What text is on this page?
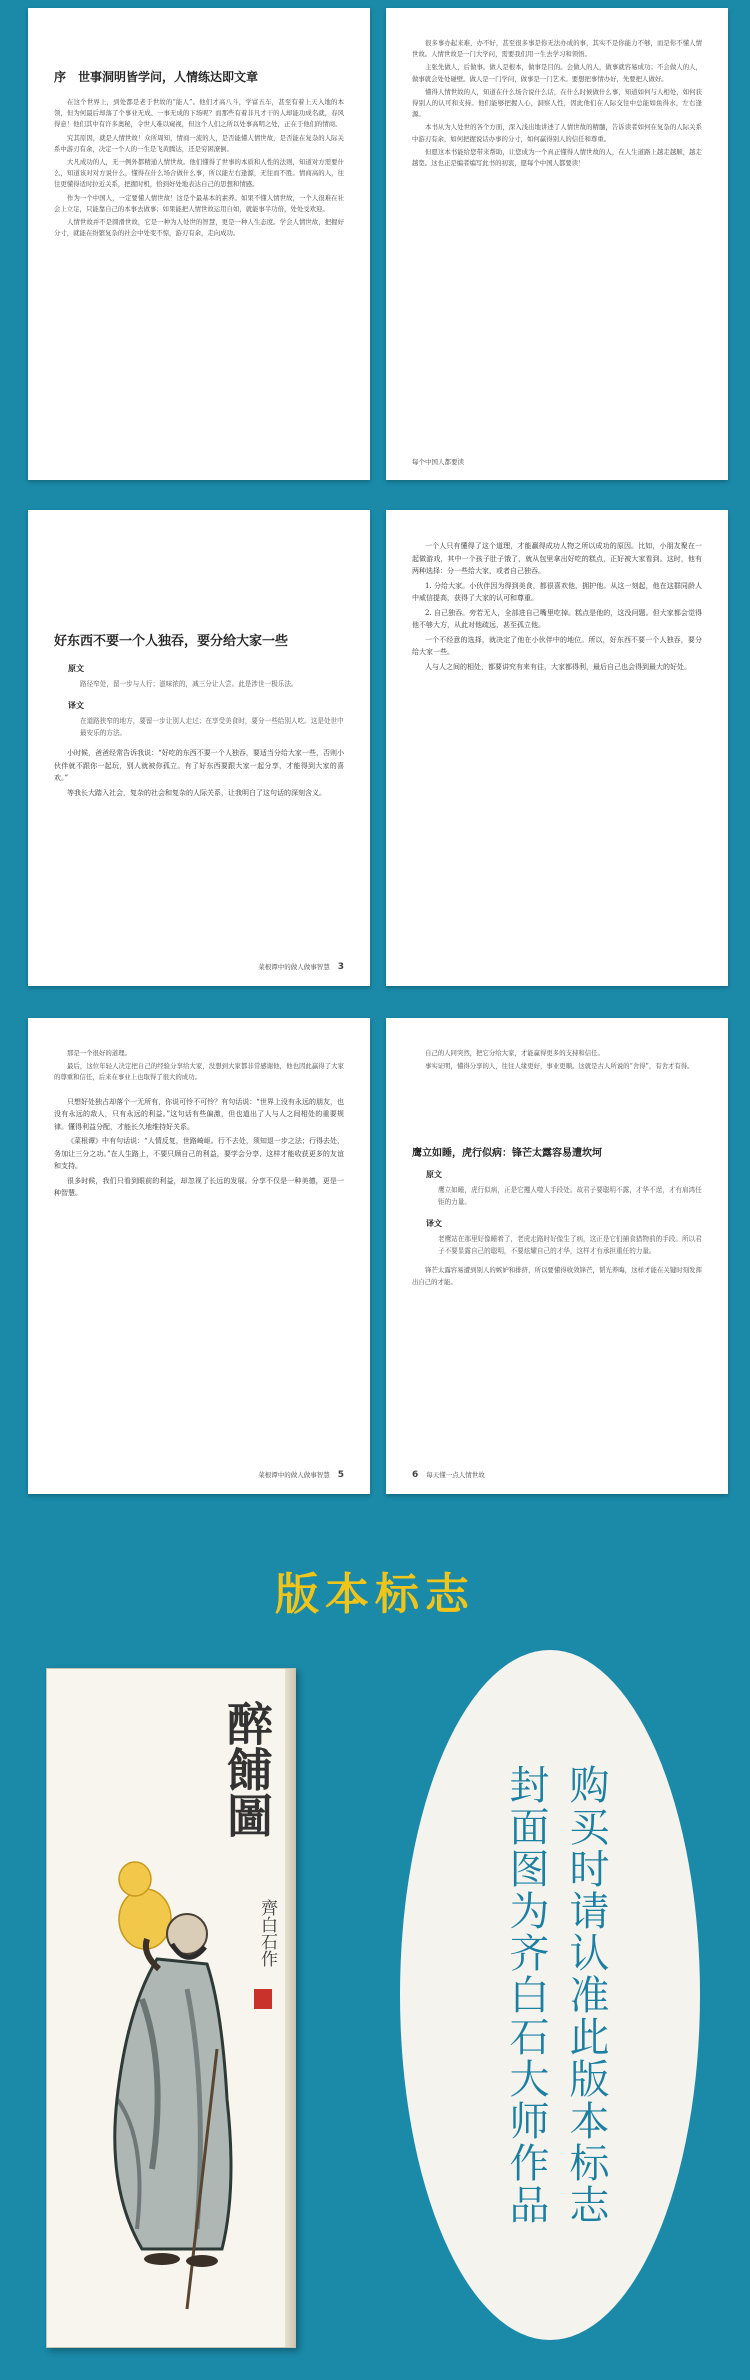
序　世事洞明皆学问，人情练达即文章

在这个世界上，到处都是老于世故的“能人”。他们才高八斗，学富五车，甚至有着上天入地的本领，但为何最后却落了个事业无成、一事无成的下场呢？而那些有着非凡才干的人却能功成名就，春风得意！他们其中有许多奥秘，令世人难以窥视，但这个人们之所以处事高明之处，正在于他们的情商。

究其原因，就是人情世故！众所周知，情商一流的人，是否能懂人情世故，是否能在复杂的人际关系中游刃有余，决定一个人的一生是飞黄腾达，还是穷困潦倒。

大凡成功的人，无一例外都精通人情世故。他们懂得了世事的本质和人性的法则，知道对方需要什么，知道该对对方说什么，懂得在什么场合做什么事，所以能左右逢源，无往而不胜。情商高的人，往往更懂得适时拉近关系，把握时机，恰到好处地表达自己的思想和情感。

作为一个中国人，一定要懂人情世故！这是个最基本的素养。如果不懂人情世故，一个人很难在社会上立足，只能靠自己的本事去做事；如果能把人情世故运用自如，就能事半功倍，处处受欢迎。

人情世故并不是圆滑世故，它是一种为人处世的智慧，更是一种人生态度。学会人情世故，把握好分寸，就能在纷繁复杂的社会中处变不惊，游刃有余，走向成功。

很多事办起来难，办不好，甚至很多事是你无法办成的事，其实不是你能力不够，而是你不懂人情世故。人情世故是一门大学问，需要我们用一生去学习和领悟。

主张先做人，后做事。做人是根本，做事是目的。会做人的人，做事就容易成功；不会做人的人，做事就会处处碰壁。做人是一门学问，做事是一门艺术。要想把事情办好，先要把人做好。

懂得人情世故的人，知道在什么场合说什么话，在什么时候做什么事，知道如何与人相处，如何获得别人的认可和支持。他们能够把握人心，洞察人性，因此他们在人际交往中总能如鱼得水，左右逢源。

本书从为人处世的各个方面，深入浅出地讲述了人情世故的精髓，告诉读者如何在复杂的人际关系中游刃有余，如何把握说话办事的分寸，如何赢得别人的信任和尊重。

但愿这本书能给您带来帮助，让您成为一个真正懂得人情世故的人，在人生道路上越走越顺，越走越宽。这也正是编者编写此书的初衷，愿每个中国人都要读！

每个中国人都要读
好东西不要一个人独吞，要分给大家一些
原文

路径窄处，留一步与人行；滋味浓的，减三分让人尝。此是涉世一极乐法。

译文

在道路狭窄的地方，要留一步让别人走过；在享受美食时，要分一些给别人吃。这是处世中最安乐的方法。

小时候，爸爸经常告诉我说：“好吃的东西不要一个人独吞，要适当分给大家一些，否则小伙伴就不跟你一起玩，别人就被你孤立。有了好东西要跟大家一起分享，才能得到大家的喜欢。”

等我长大踏入社会，复杂的社会和复杂的人际关系，让我明白了这句话的深刻含义。

菜根谭中的做人做事智慧 3

一个人只有懂得了这个道理，才能赢得成功人物之所以成功的原因。比如，小朋友聚在一起做游戏，其中一个孩子肚子饿了，就从包里拿出好吃的糕点，正好被大家看到。这时，他有两种选择：分一些给大家，或者自己独吞。

1. 分给大家。小伙伴因为得到美食，都很喜欢他，拥护他。从这一刻起，他在这群同龄人中威信提高，获得了大家的认可和尊重。

2. 自己独吞。旁若无人，全部进自己嘴里吃掉。糕点是他的，这没问题。但大家都会觉得他不够大方，从此对他疏远，甚至孤立他。

一个不经意的选择，就决定了他在小伙伴中的地位。所以，好东西不要一个人独吞，要分给大家一些。

人与人之间的相处，都要讲究有来有往，大家都得利，最后自己也会得到最大的好处。

那是一个很好的道理。

最后，这位年轻人决定把自己的经验分享给大家，没想到大家都非常感谢他，他也因此赢得了大家的尊重和信任，后来在事业上也取得了很大的成功。

只想好处独占却落个一无所有，你说可怜不可怜？有句话说：“世界上没有永远的朋友，也没有永远的敌人，只有永远的利益。”这句话有些偏激，但也道出了人与人之间相处的重要规律。懂得利益分配，才能长久地维持好关系。

《菜根谭》中有句话说：“人情反复，世路崎岖。行不去处，须知退一步之法；行得去处，务加让三分之功。”在人生路上，不要只顾自己的利益，要学会分享，这样才能收获更多的友谊和支持。

很多时候，我们只看到眼前的利益，却忽视了长远的发展。分享不仅是一种美德，更是一种智慧。

菜根谭中的做人做事智慧 5

自己的人同突然，把它分给大家，才能赢得更多的支持和信任。

事实证明，懂得分享的人，往往人缘更好，事业更顺。这就是古人所说的“舍得”，有舍才有得。

鹰立如睡，虎行似病：锋芒太露容易遭坎坷
原文

鹰立如睡，虎行似病，正是它攫人噬人手段处。故君子要聪明不露，才华不逞，才有肩鸿任钜的力量。

译文

老鹰站在那里好像睡着了，老虎走路时好像生了病，这正是它们捕食猎物前的手段。所以君子不要显露自己的聪明，不要炫耀自己的才华，这样才有承担重任的力量。

锋芒太露容易遭到别人的嫉妒和排挤，所以要懂得收敛锋芒，韬光养晦，这样才能在关键时刻发挥出自己的才能。

6 每天懂一点人情世故
版本标志
醉餔圖
齊白石作	封面图为齐白石大师作品 购买时请认准此版本标志
